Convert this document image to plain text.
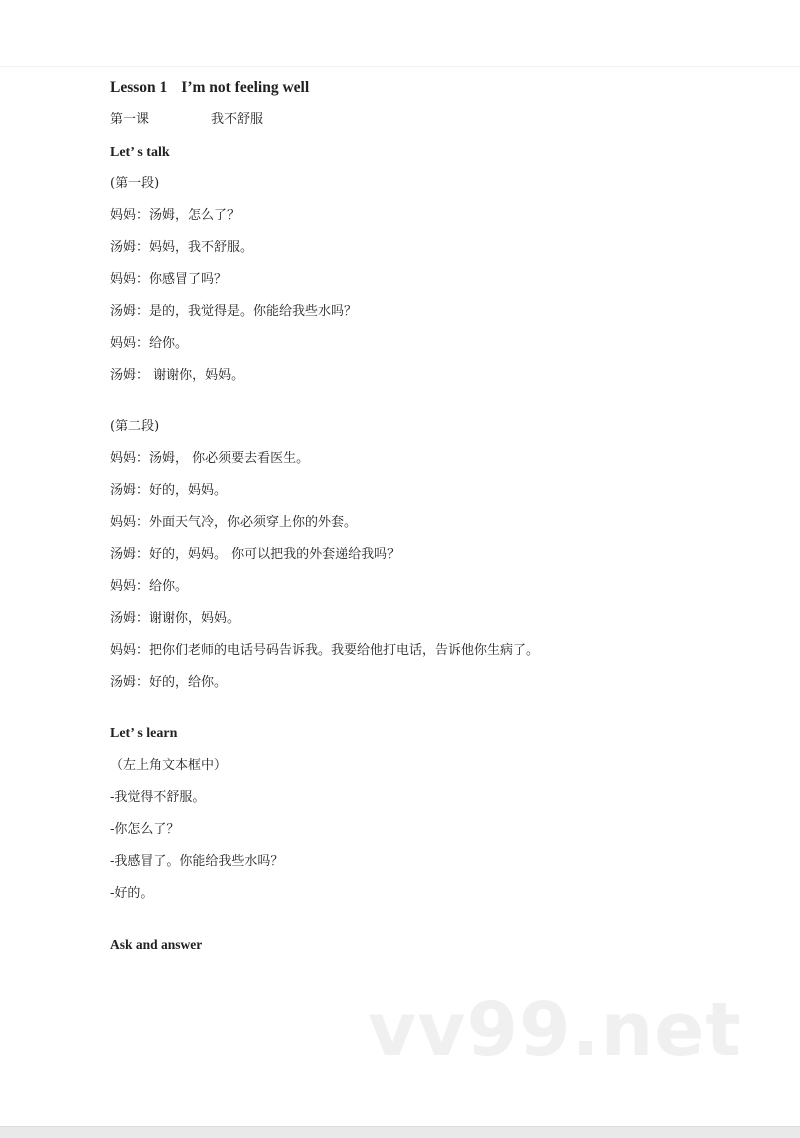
Lesson 1 I’m not feeling well
第一课	我不舒服
Let’ s talk
(第一段)
妈妈：汤姆，怎么了？
汤姆：妈妈，我不舒服。
妈妈：你感冒了吗？
汤姆：是的，我觉得是。你能给我些水吗？
妈妈：给你。
汤姆： 谢谢你，妈妈。
(第二段)
妈妈：汤姆， 你必须要去看医生。
汤姆：好的，妈妈。
妈妈：外面天气冷，你必须穿上你的外套。
汤姆：好的，妈妈。 你可以把我的外套递给我吗？
妈妈：给你。
汤姆：谢谢你，妈妈。
妈妈：把你们老师的电话号码告诉我。我要给他打电话，告诉他你生病了。
汤姆：好的，给你。
Let’ s learn
（左上角文本框中）
-我觉得不舒服。
-你怎么了？
-我感冒了。你能给我些水吗？
-好的。
Ask and answer
vv99.net
